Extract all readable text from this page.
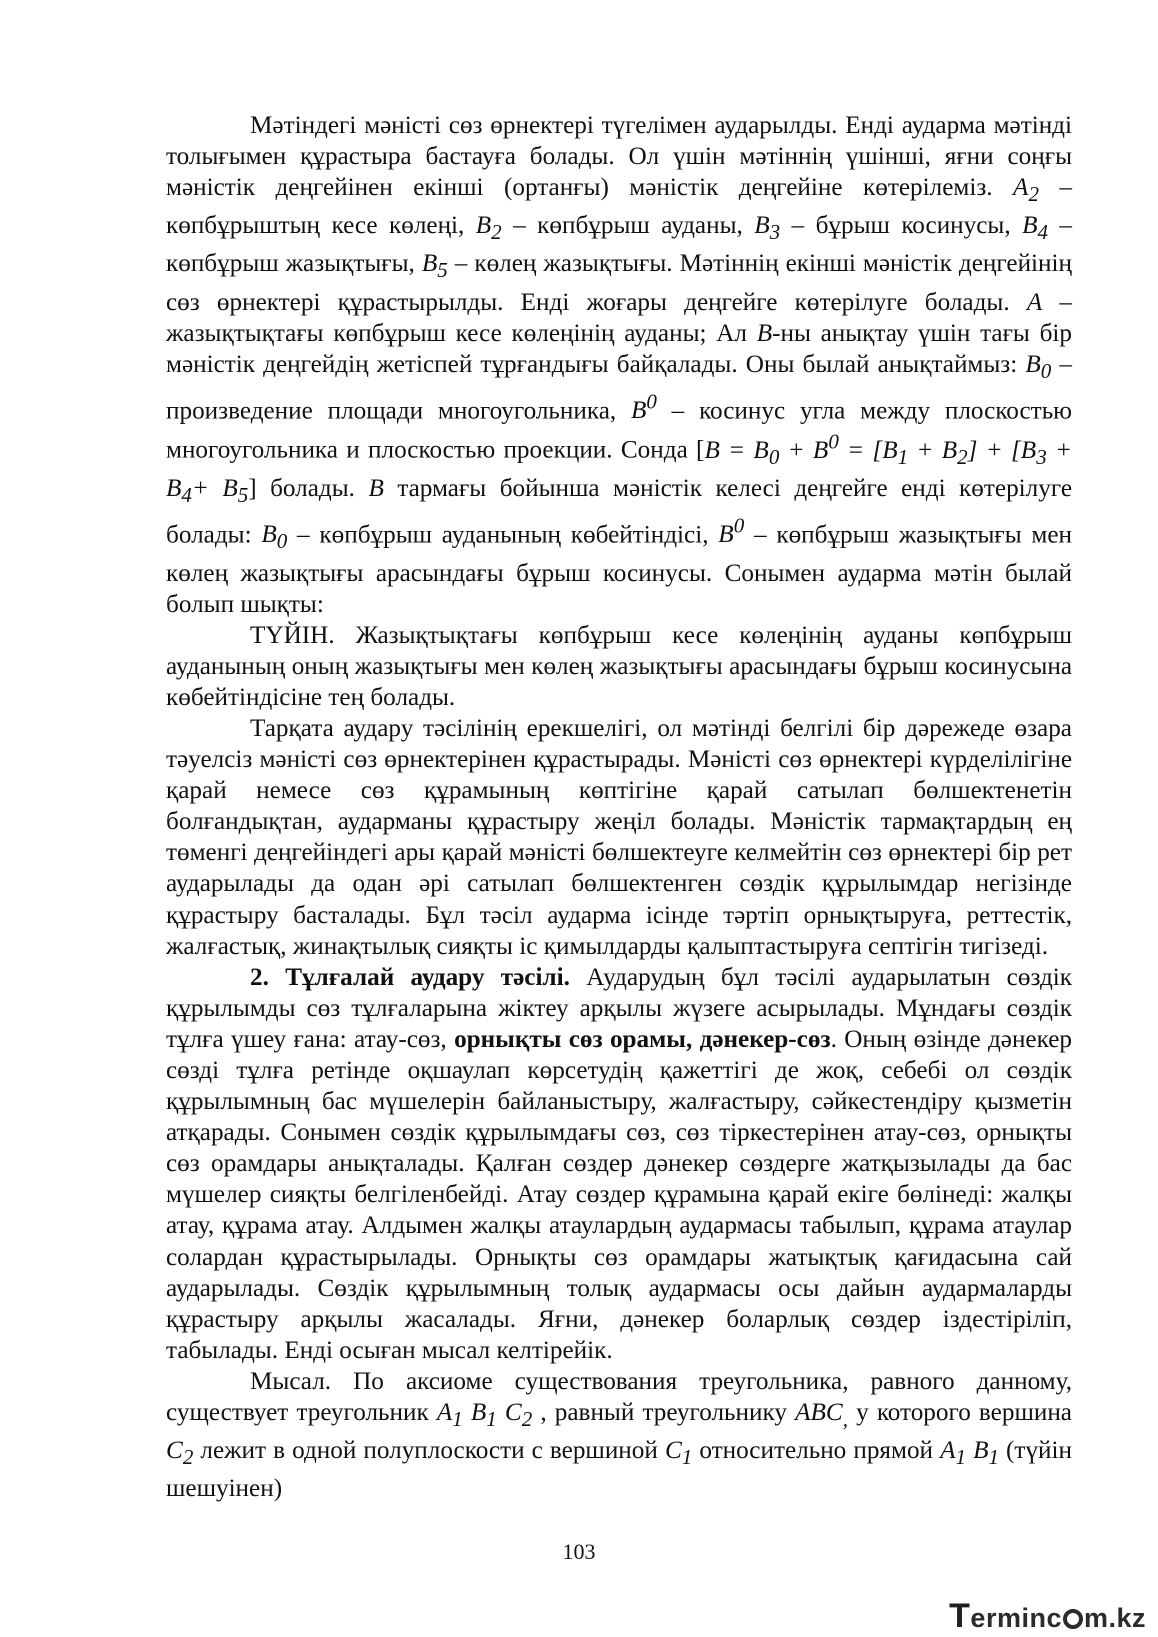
Мәтіндегі мәністі сөз өрнектері түгелімен аударылды. Енді аударма мәтінді толығымен құрастыра бастауға болады. Ол үшін мәтіннің үшінші, яғни соңғы мәністік деңгейінен екінші (ортанғы) мәністік деңгейіне көтерілеміз. $A_2$ – көпбұрыштың кесе көлеңі, $B_2$ – көпбұрыш ауданы, $B_3$ – бұрыш косинусы, $B_4$ – көпбұрыш жазықтығы, $B_5$ – көлең жазықтығы. Мәтіннің екінші мәністік деңгейінің сөз өрнектері құрастырылды. Енді жоғары деңгейге көтерілуге болады. A – жазықтықтағы көпбұрыш кесе көлеңінің ауданы; Ал B-ны анықтау үшін тағы бір мәністік деңгейдің жетіспей тұрғандығы байқалады. Оны былай анықтаймыз: $B_0$ – произведение площади многоугольника, $B^0$ – косинус угла между плоскостью многоугольника и плоскостью проекции. Сонда [$B = B_0 + B^0 = [B_1 + B_2] + [B_3 + B_4+ B_5]$ болады. B тармағы бойынша мәністік келесі деңгейге енді көтерілуге болады: $B_0$ – көпбұрыш ауданының көбейтіндісі, $B^0$ – көпбұрыш жазықтығы мен көлең жазықтығы арасындағы бұрыш косинусы. Сонымен аударма мәтін былай болып шықты:

ТҮЙІН. Жазықтықтағы көпбұрыш кесе көлеңінің ауданы көпбұрыш ауданының оның жазықтығы мен көлең жазықтығы арасындағы бұрыш косинусына көбейтіндісіне тең болады.

Тарқата аудару тәсілінің ерекшелігі, ол мәтінді белгілі бір дәрежеде өзара тәуелсіз мәністі сөз өрнектерінен құрастырады. Мәністі сөз өрнектері күрделілігіне қарай немесе сөз құрамының көптігіне қарай сатылап бөлшектенетін болғандықтан, аударманы құрастыру жеңіл болады. Мәністік тармақтардың ең төменгі деңгейіндегі ары қарай мәністі бөлшектеуге келмейтін сөз өрнектері бір рет аударылады да одан әрі сатылап бөлшектенген сөздік құрылымдар негізінде құрастыру басталады. Бұл тәсіл аударма ісінде тәртіп орнықтыруға, реттестік, жалғастық, жинақтылық сияқты іс қимылдарды қалыптастыруға септігін тигізеді.

2. Тұлғалай аудару тәсілі. Аударудың бұл тәсілі аударылатын сөздік құрылымды сөз тұлғаларына жіктеу арқылы жүзеге асырылады. Мұндағы сөздік тұлға үшеу ғана: атау-сөз, орнықты сөз орамы, дәнекер-сөз. Оның өзінде дәнекер сөзді тұлға ретінде оқшаулап көрсетудің қажеттігі де жоқ, себебі ол сөздік құрылымның бас мүшелерін байланыстыру, жалғастыру, сәйкестендіру қызметін атқарады. Сонымен сөздік құрылымдағы сөз, сөз тіркестерінен атау-сөз, орнықты сөз орамдары анықталады. Қалған сөздер дәнекер сөздерге жатқызылады да бас мүшелер сияқты белгіленбейді. Атау сөздер құрамына қарай екіге бөлінеді: жалқы атау, құрама атау. Алдымен жалқы атаулардың аудармасы табылып, құрама атаулар солардан құрастырылады. Орнықты сөз орамдары жатықтық қағидасына сай аударылады. Сөздік құрылымның толық аудармасы осы дайын аудармаларды құрастыру арқылы жасалады. Яғни, дәнекер боларлық сөздер іздестіріліп, табылады. Енді осыған мысал келтірейік.

Мысал. По аксиоме существования треугольника, равного данному, существует треугольник $A_1$ $B_1$ $C_2$ , равный треугольнику $ABC_,$ у которого вершина $C_2$ лежит в одной полуплоскости с вершиной $C_1$ относительно прямой $A_1$ $B_1$ (түйін шешуінен)

103
Terminc m.kz
